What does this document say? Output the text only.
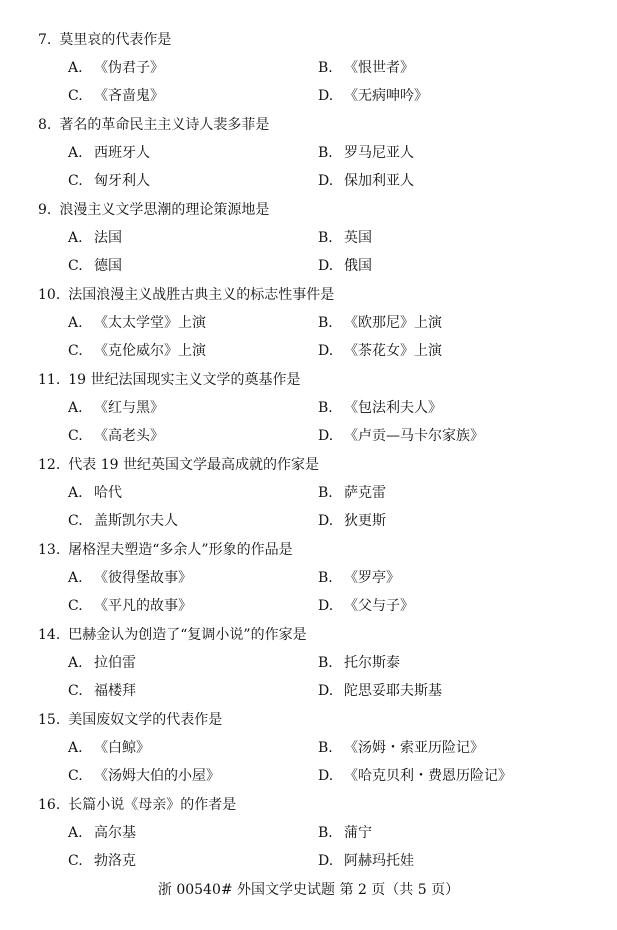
7. 莫里哀的代表作是
A. 《伪君子》	B. 《恨世者》
C. 《吝啬鬼》	D. 《无病呻吟》
8. 著名的革命民主主义诗人裴多菲是
A. 西班牙人	B. 罗马尼亚人
C. 匈牙利人	D. 保加利亚人
9. 浪漫主义文学思潮的理论策源地是
A. 法国	B. 英国
C. 德国	D. 俄国
10. 法国浪漫主义战胜古典主义的标志性事件是
A. 《太太学堂》上演	B. 《欧那尼》上演
C. 《克伦威尔》上演	D. 《茶花女》上演
11. 19 世纪法国现实主义文学的奠基作是
A. 《红与黑》	B. 《包法利夫人》
C. 《高老头》	D. 《卢贡—马卡尔家族》
12. 代表 19 世纪英国文学最高成就的作家是
A. 哈代	B. 萨克雷
C. 盖斯凯尔夫人	D. 狄更斯
13. 屠格涅夫塑造“多余人”形象的作品是
A. 《彼得堡故事》	B. 《罗亭》
C. 《平凡的故事》	D. 《父与子》
14. 巴赫金认为创造了“复调小说”的作家是
A. 拉伯雷	B. 托尔斯泰
C. 福楼拜	D. 陀思妥耶夫斯基
15. 美国废奴文学的代表作是
A. 《白鲸》	B. 《汤姆・索亚历险记》
C. 《汤姆大伯的小屋》	D. 《哈克贝利・费恩历险记》
16. 长篇小说《母亲》的作者是
A. 高尔基	B. 蒲宁
C. 勃洛克	D. 阿赫玛托娃
浙 00540# 外国文学史试题 第 2 页（共 5 页）
